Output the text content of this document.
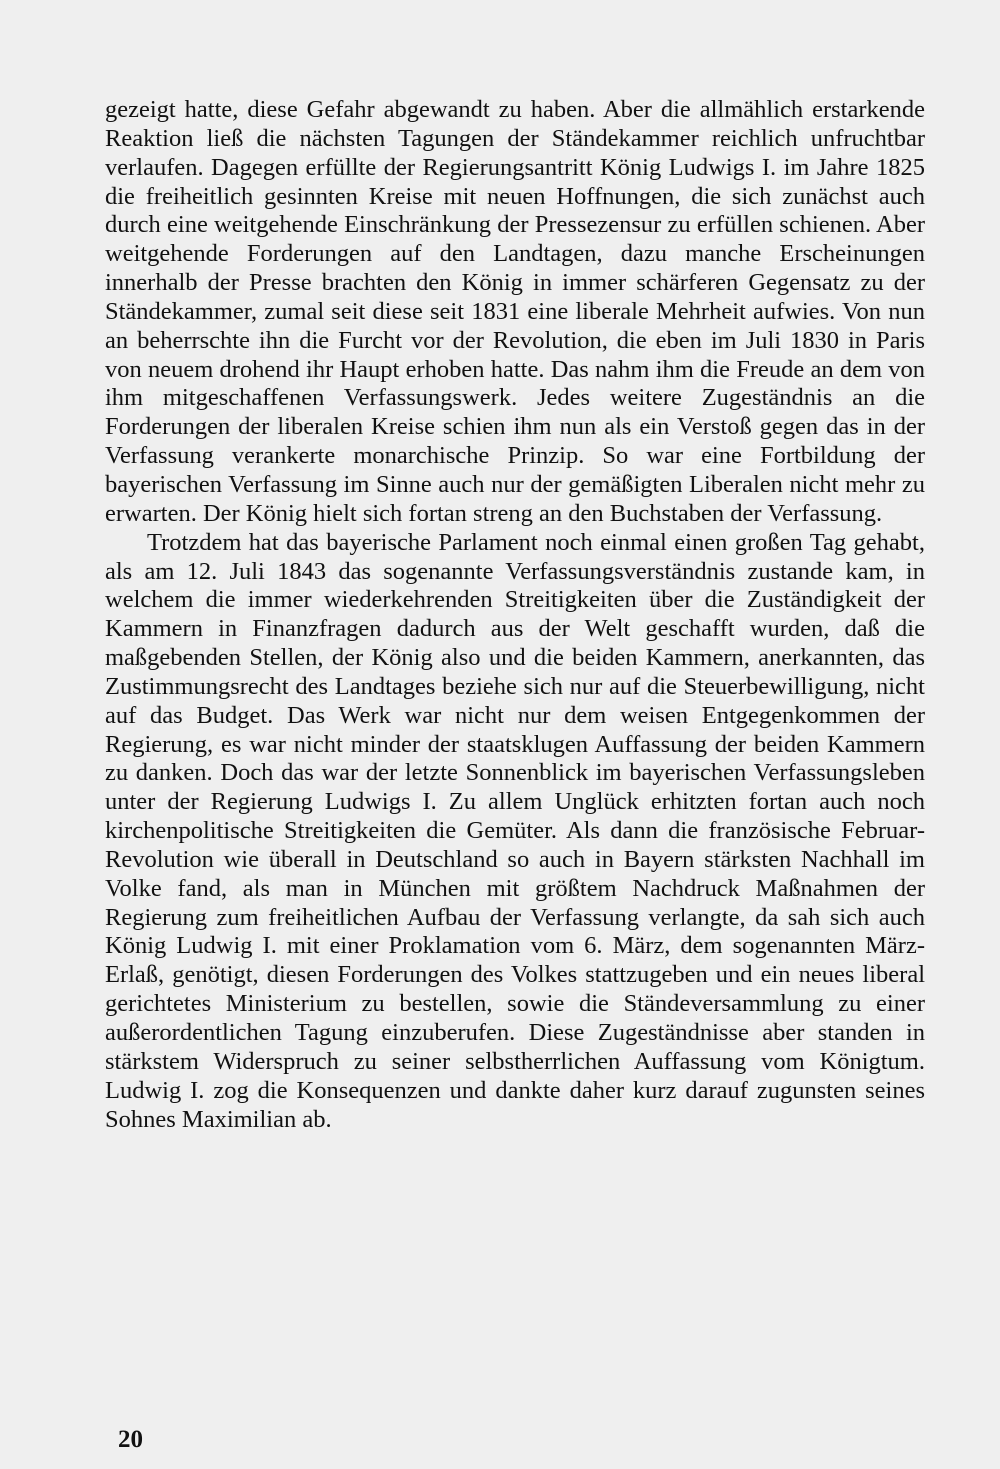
gezeigt hatte, diese Gefahr abgewandt zu haben. Aber die allmählich erstarkende Reaktion ließ die nächsten Tagungen der Ständekammer reichlich unfruchtbar verlaufen. Dagegen erfüllte der Regierungsantritt König Ludwigs I. im Jahre 1825 die freiheitlich gesinnten Kreise mit neuen Hoffnungen, die sich zunächst auch durch eine weitgehende Einschränkung der Pressezensur zu erfüllen schienen. Aber weitgehende Forderungen auf den Landtagen, dazu manche Erscheinungen innerhalb der Presse brachten den König in immer schärferen Gegensatz zu der Ständekammer, zumal seit diese seit 1831 eine liberale Mehrheit aufwies. Von nun an beherrschte ihn die Furcht vor der Revolution, die eben im Juli 1830 in Paris von neuem drohend ihr Haupt erhoben hatte. Das nahm ihm die Freude an dem von ihm mitgeschaffenen Verfassungswerk. Jedes weitere Zugeständnis an die Forderungen der liberalen Kreise schien ihm nun als ein Verstoß gegen das in der Verfassung verankerte monarchische Prinzip. So war eine Fortbildung der bayerischen Verfassung im Sinne auch nur der gemäßigten Liberalen nicht mehr zu erwarten. Der König hielt sich fortan streng an den Buchstaben der Verfassung.

Trotzdem hat das bayerische Parlament noch einmal einen großen Tag gehabt, als am 12. Juli 1843 das sogenannte Verfassungsverständnis zustande kam, in welchem die immer wiederkehrenden Streitigkeiten über die Zuständigkeit der Kammern in Finanzfragen dadurch aus der Welt geschafft wurden, daß die maßgebenden Stellen, der König also und die beiden Kammern, anerkannten, das Zustimmungsrecht des Landtages beziehe sich nur auf die Steuerbewilligung, nicht auf das Budget. Das Werk war nicht nur dem weisen Entgegenkommen der Regierung, es war nicht minder der staatsklugen Auffassung der beiden Kammern zu danken. Doch das war der letzte Sonnenblick im bayerischen Verfassungsleben unter der Regierung Ludwigs I. Zu allem Unglück erhitzten fortan auch noch kirchenpolitische Streitigkeiten die Gemüter. Als dann die französische Februar-Revolution wie überall in Deutschland so auch in Bayern stärksten Nachhall im Volke fand, als man in München mit größtem Nachdruck Maßnahmen der Regierung zum freiheitlichen Aufbau der Verfassung verlangte, da sah sich auch König Ludwig I. mit einer Proklamation vom 6. März, dem sogenannten März-Erlaß, genötigt, diesen Forderungen des Volkes stattzugeben und ein neues liberal gerichtetes Ministerium zu bestellen, sowie die Ständeversammlung zu einer außerordentlichen Tagung einzuberufen. Diese Zugeständnisse aber standen in stärkstem Widerspruch zu seiner selbstherrlichen Auffassung vom Königtum. Ludwig I. zog die Konsequenzen und dankte daher kurz darauf zugunsten seines Sohnes Maximilian ab.

20
